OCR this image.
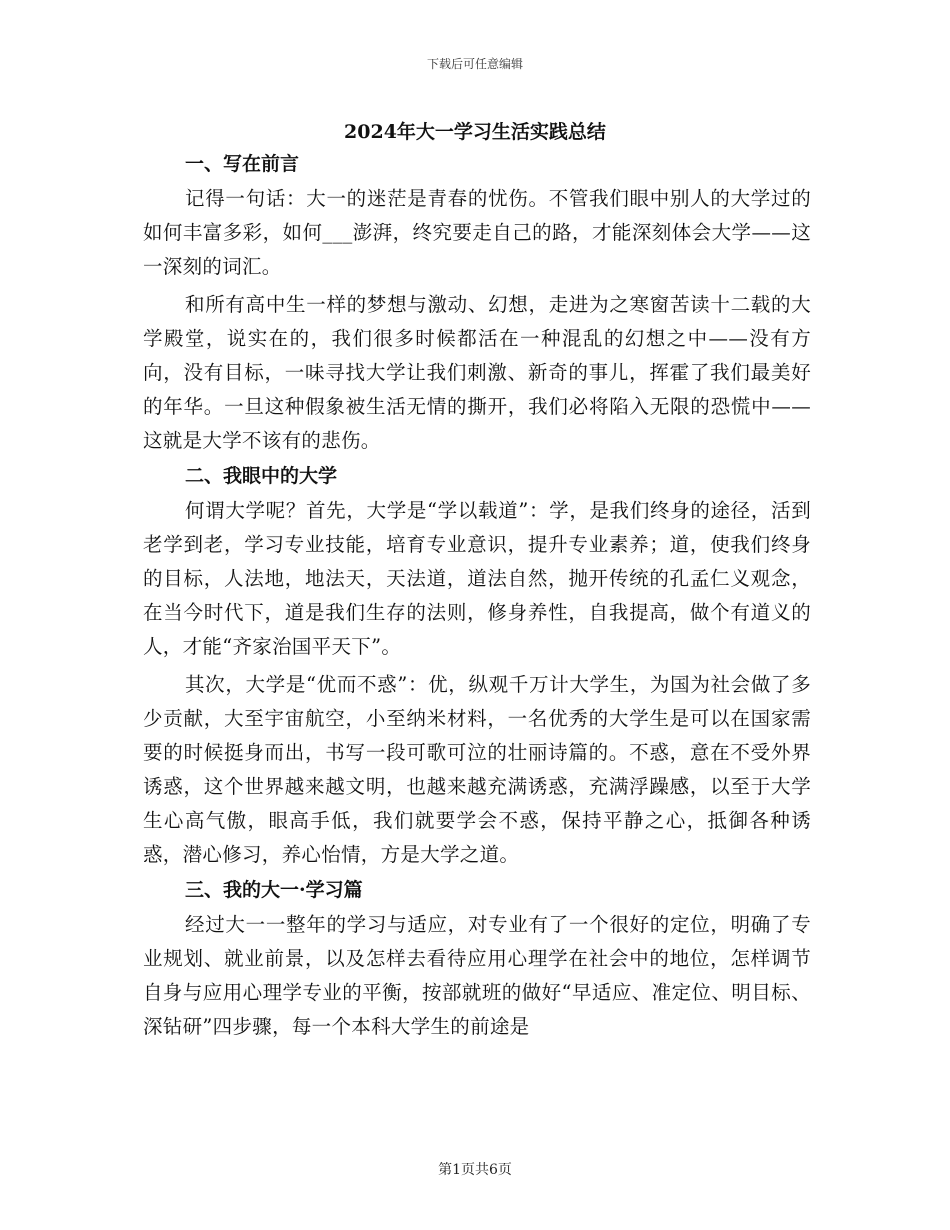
下载后可任意编辑
2024年大一学习生活实践总结
一、写在前言

记得一句话：大一的迷茫是青春的忧伤。不管我们眼中别人的大学过的如何丰富多彩，如何___澎湃，终究要走自己的路，才能深刻体会大学——这一深刻的词汇。

和所有高中生一样的梦想与激动、幻想，走进为之寒窗苦读十二载的大学殿堂，说实在的，我们很多时候都活在一种混乱的幻想之中——没有方向，没有目标，一味寻找大学让我们刺激、新奇的事儿，挥霍了我们最美好的年华。一旦这种假象被生活无情的撕开，我们必将陷入无限的恐慌中——这就是大学不该有的悲伤。

二、我眼中的大学

何谓大学呢？首先，大学是“学以载道”：学，是我们终身的途径，活到老学到老，学习专业技能，培育专业意识，提升专业素养；道，使我们终身的目标，人法地，地法天，天法道，道法自然，抛开传统的孔孟仁义观念，在当今时代下，道是我们生存的法则，修身养性，自我提高，做个有道义的人，才能“齐家治国平天下”。

其次，大学是“优而不惑”：优，纵观千万计大学生，为国为社会做了多少贡献，大至宇宙航空，小至纳米材料，一名优秀的大学生是可以在国家需要的时候挺身而出，书写一段可歌可泣的壮丽诗篇的。不惑，意在不受外界诱惑，这个世界越来越文明，也越来越充满诱惑，充满浮躁感，以至于大学生心高气傲，眼高手低，我们就要学会不惑，保持平静之心，抵御各种诱惑，潜心修习，养心怡情，方是大学之道。

三、我的大一·学习篇

经过大一一整年的学习与适应，对专业有了一个很好的定位，明确了专业规划、就业前景，以及怎样去看待应用心理学在社会中的地位，怎样调节自身与应用心理学专业的平衡，按部就班的做好“早适应、准定位、明目标、深钻研”四步骤，每一个本科大学生的前途是

第1页共6页
